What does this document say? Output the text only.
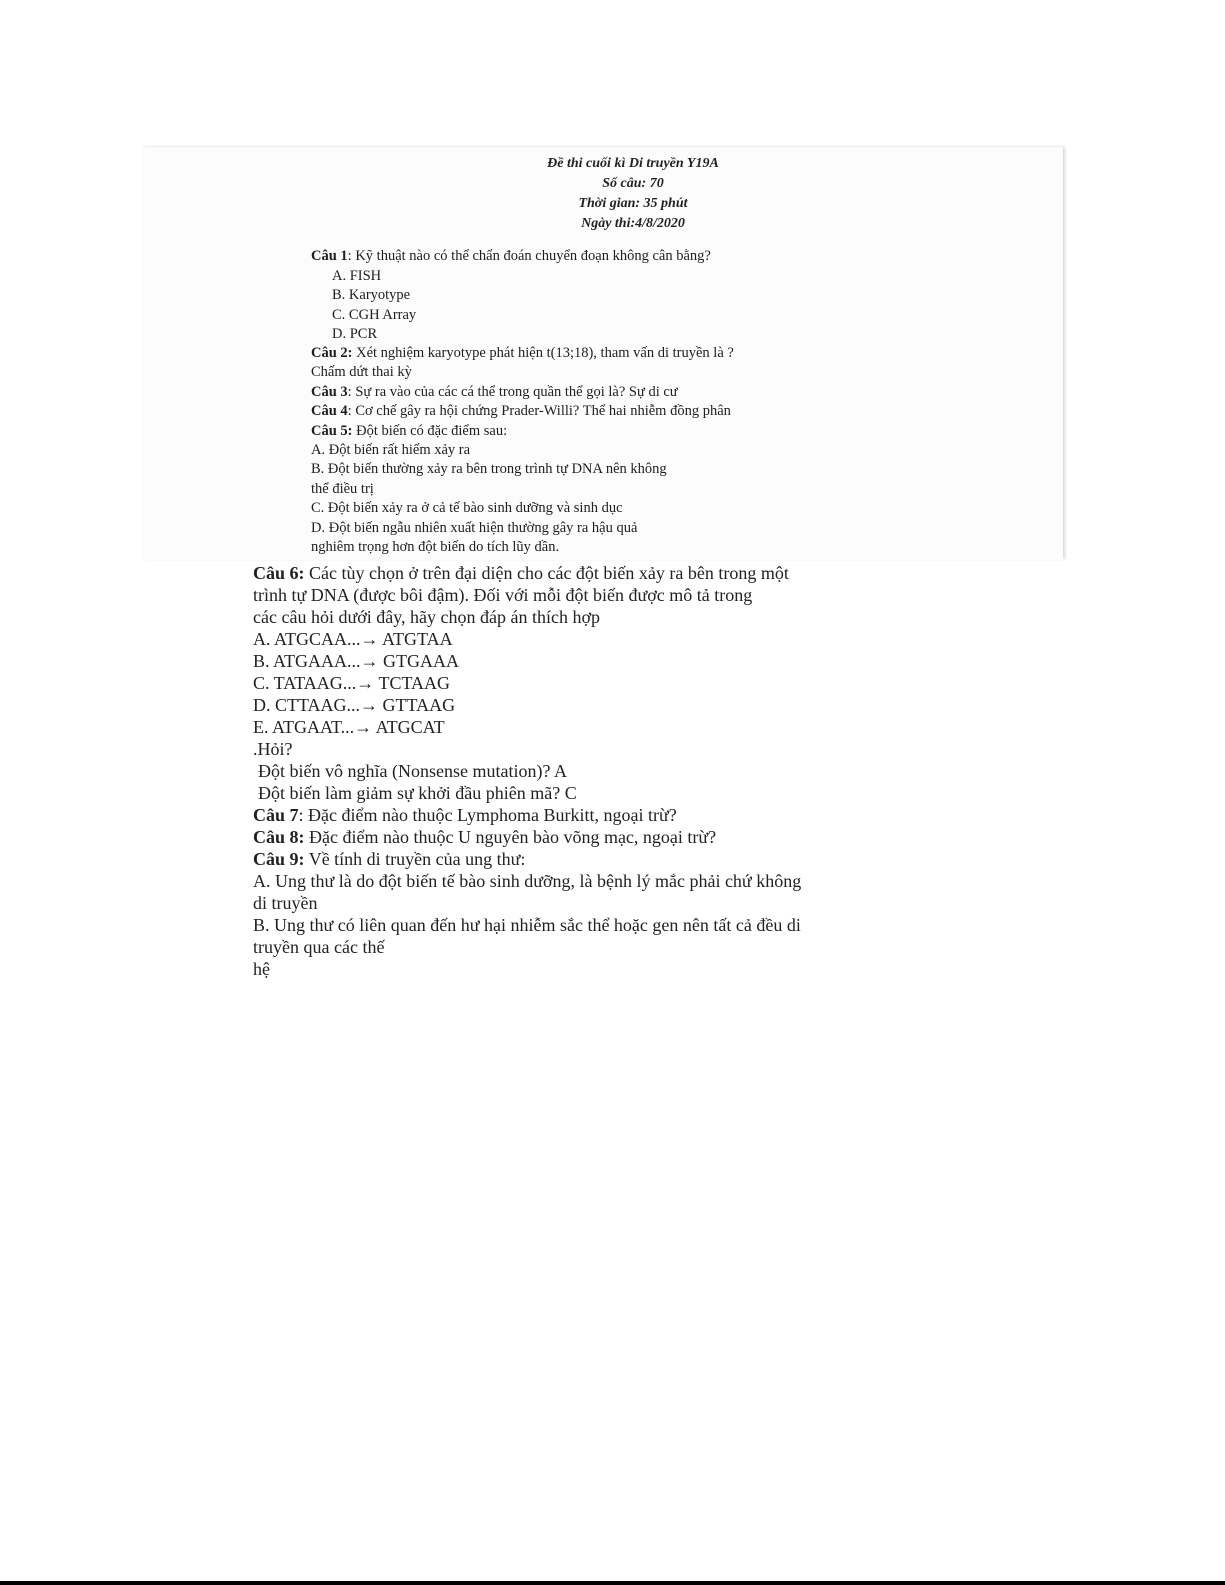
Đề thi cuối kì Di truyền Y19A
Số câu: 70
Thời gian: 35 phút
Ngày thi:4/8/2020
Câu 1: Kỹ thuật nào có thể chẩn đoán chuyển đoạn không cân bằng?
A. FISH
B. Karyotype
C. CGH Array
D. PCR
Câu 2: Xét nghiệm karyotype phát hiện t(13;18), tham vấn di truyền là ?
Chấm dứt thai kỳ
Câu 3: Sự ra vào của các cá thể trong quần thể gọi là? Sự di cư
Câu 4: Cơ chế gây ra hội chứng Prader-Willi? Thể hai nhiễm đồng phân
Câu 5: Đột biến có đặc điểm sau:
A. Đột biến rất hiếm xảy ra
B. Đột biến thường xảy ra bên trong trình tự DNA nên không
thể điều trị
C. Đột biến xảy ra ở cả tế bào sinh dưỡng và sinh dục
D. Đột biến ngẫu nhiên xuất hiện thường gây ra hậu quả
nghiêm trọng hơn đột biến do tích lũy dần.
Câu 6: Các tùy chọn ở trên đại diện cho các đột biến xảy ra bên trong một
trình tự DNA (được bôi đậm). Đối với mỗi đột biến được mô tả trong
các câu hỏi dưới đây, hãy chọn đáp án thích hợp
A. ATGCAA...→ ATGTAA
B. ATGAAA...→ GTGAAA
C. TATAAG...→ TCTAAG
D. CTTAAG...→ GTTAAG
E. ATGAAT...→ ATGCAT
.Hỏi?
Đột biến vô nghĩa (Nonsense mutation)? A
Đột biến làm giảm sự khởi đầu phiên mã? C
Câu 7: Đặc điểm nào thuộc Lymphoma Burkitt, ngoại trừ?
Câu 8: Đặc điểm nào thuộc U nguyên bào võng mạc, ngoại trừ?
Câu 9: Về tính di truyền của ung thư:
A. Ung thư là do đột biến tế bào sinh dưỡng, là bệnh lý mắc phải chứ không
di truyền
B. Ung thư có liên quan đến hư hại nhiễm sắc thể hoặc gen nên tất cả đều di
truyền qua các thế
hệ
